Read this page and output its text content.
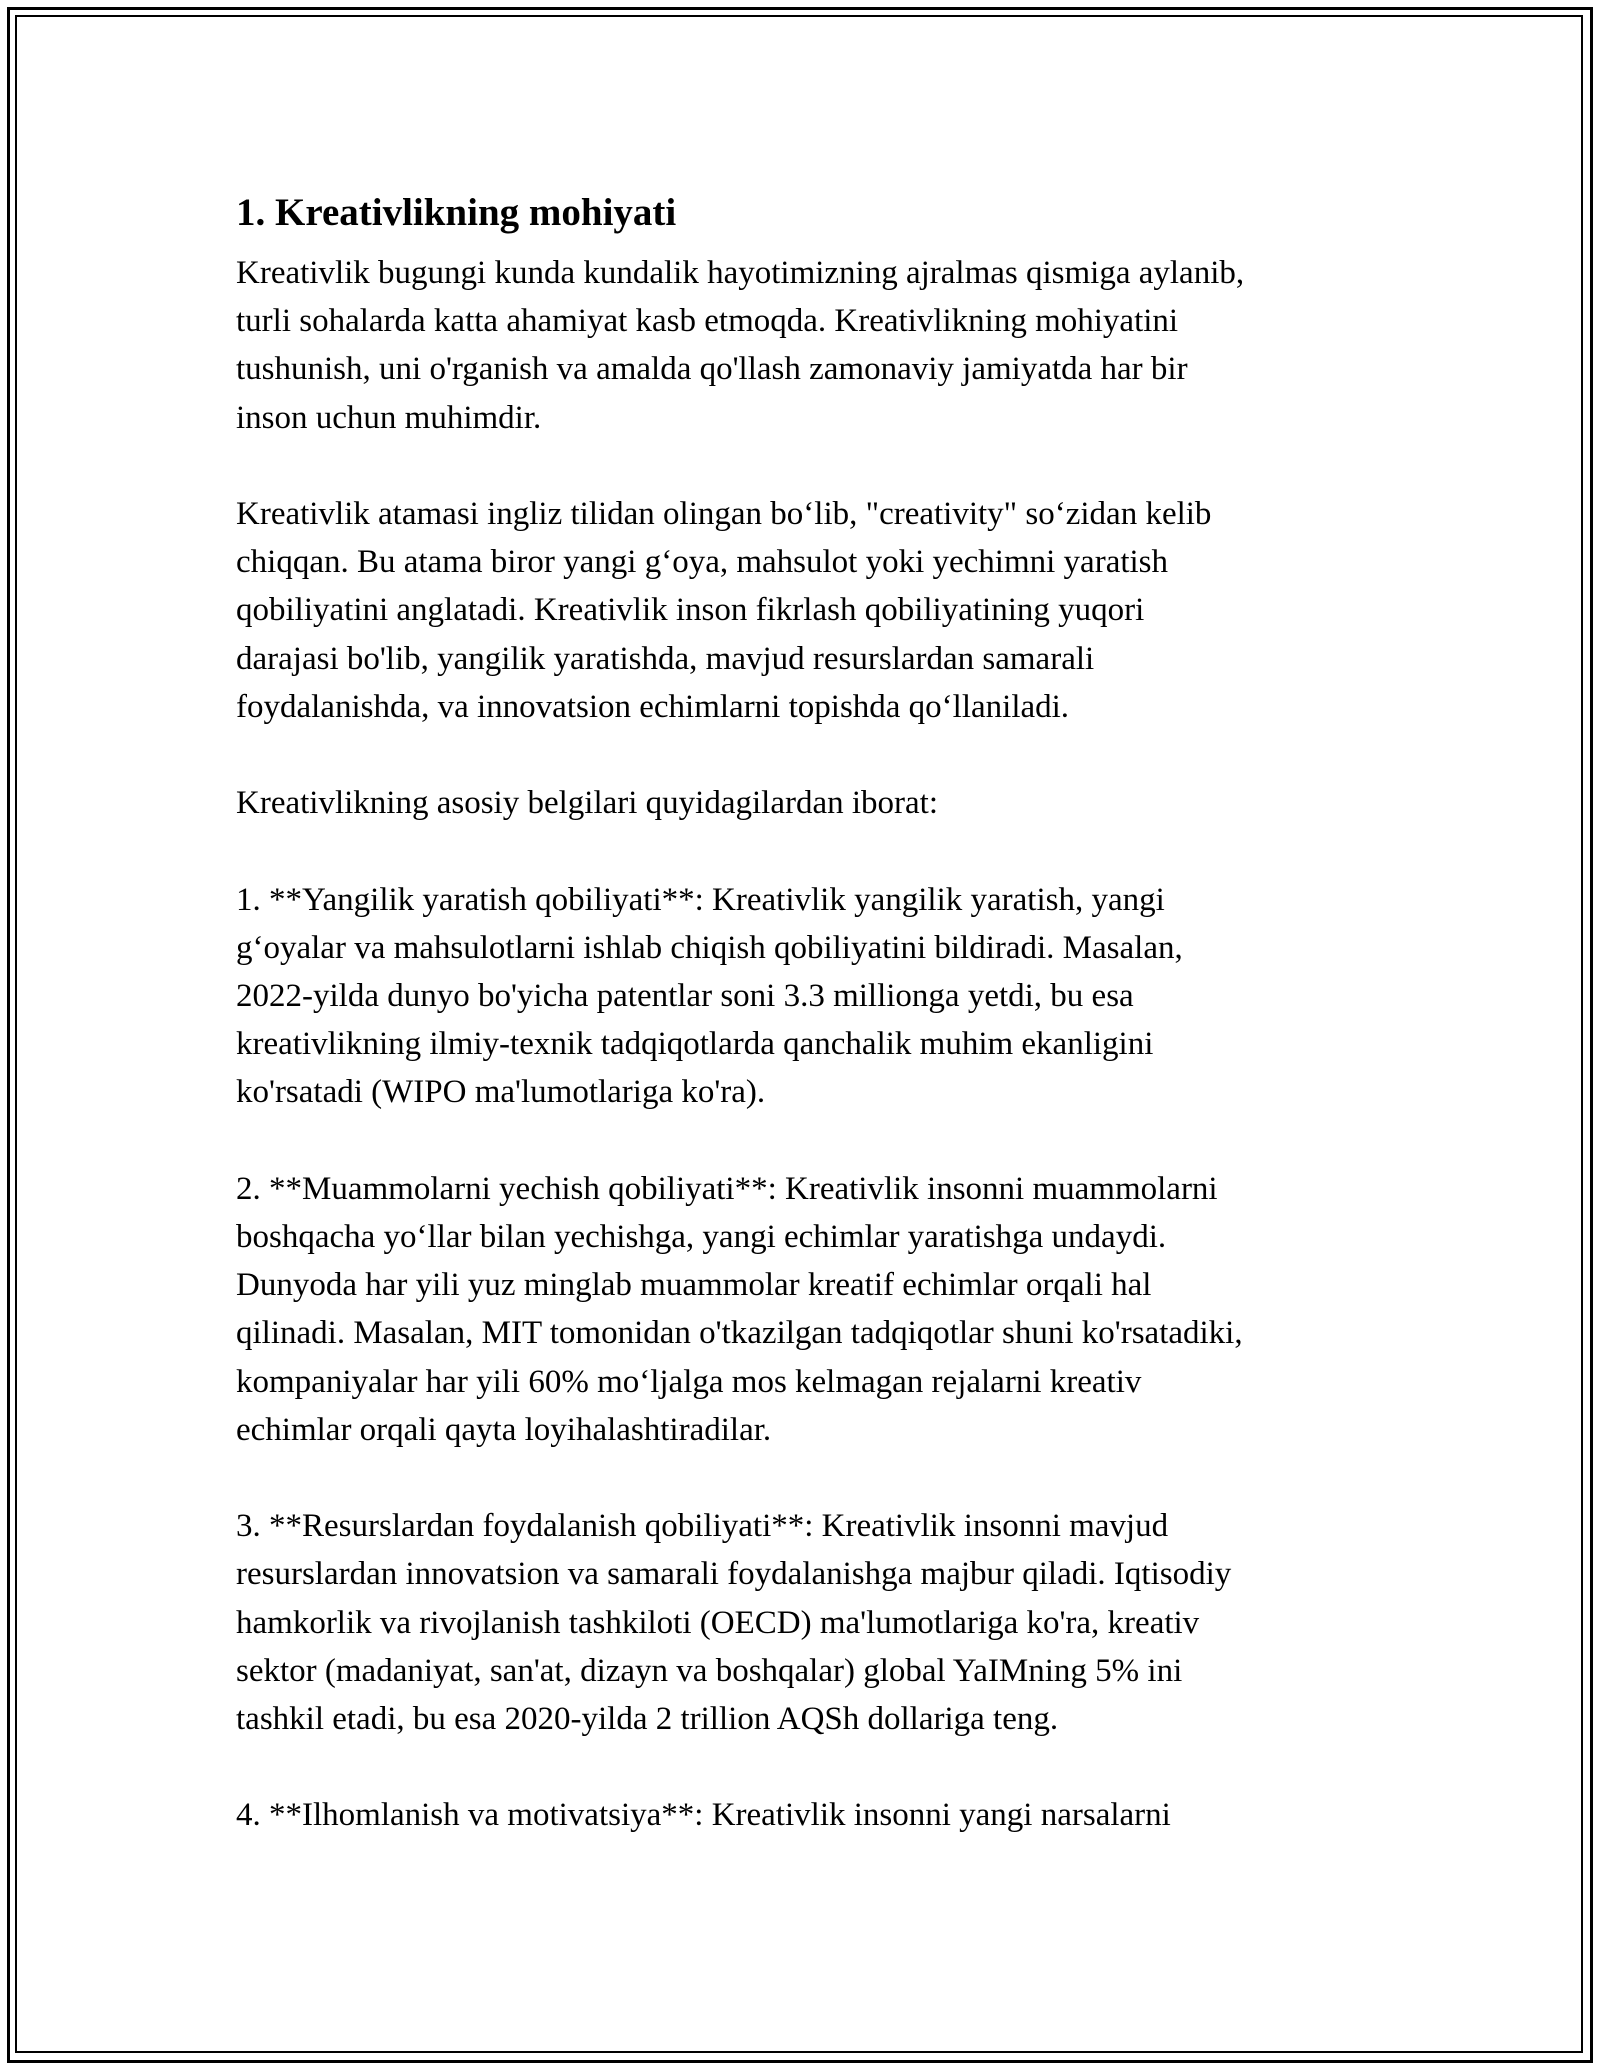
1. Kreativlikning mohiyati

Kreativlik bugungi kunda kundalik hayotimizning ajralmas qismiga aylanib,
turli sohalarda katta ahamiyat kasb etmoqda. Kreativlikning mohiyatini
tushunish, uni o'rganish va amalda qo'llash zamonaviy jamiyatda har bir
inson uchun muhimdir.

Kreativlik atamasi ingliz tilidan olingan bo‘lib, "creativity" so‘zidan kelib
chiqqan. Bu atama biror yangi g‘oya, mahsulot yoki yechimni yaratish
qobiliyatini anglatadi. Kreativlik inson fikrlash qobiliyatining yuqori
darajasi bo'lib, yangilik yaratishda, mavjud resurslardan samarali
foydalanishda, va innovatsion echimlarni topishda qo‘llaniladi.

Kreativlikning asosiy belgilari quyidagilardan iborat:

1. **Yangilik yaratish qobiliyati**: Kreativlik yangilik yaratish, yangi
g‘oyalar va mahsulotlarni ishlab chiqish qobiliyatini bildiradi. Masalan,
2022-yilda dunyo bo'yicha patentlar soni 3.3 millionga yetdi, bu esa
kreativlikning ilmiy-texnik tadqiqotlarda qanchalik muhim ekanligini
ko'rsatadi (WIPO ma'lumotlariga ko'ra).

2. **Muammolarni yechish qobiliyati**: Kreativlik insonni muammolarni
boshqacha yo‘llar bilan yechishga, yangi echimlar yaratishga undaydi.
Dunyoda har yili yuz minglab muammolar kreatif echimlar orqali hal
qilinadi. Masalan, MIT tomonidan o'tkazilgan tadqiqotlar shuni ko'rsatadiki,
kompaniyalar har yili 60% mo‘ljalga mos kelmagan rejalarni kreativ
echimlar orqali qayta loyihalashtiradilar.

3. **Resurslardan foydalanish qobiliyati**: Kreativlik insonni mavjud
resurslardan innovatsion va samarali foydalanishga majbur qiladi. Iqtisodiy
hamkorlik va rivojlanish tashkiloti (OECD) ma'lumotlariga ko'ra, kreativ
sektor (madaniyat, san'at, dizayn va boshqalar) global YaIMning 5% ini
tashkil etadi, bu esa 2020-yilda 2 trillion AQSh dollariga teng.

4. **Ilhomlanish va motivatsiya**: Kreativlik insonni yangi narsalarni
